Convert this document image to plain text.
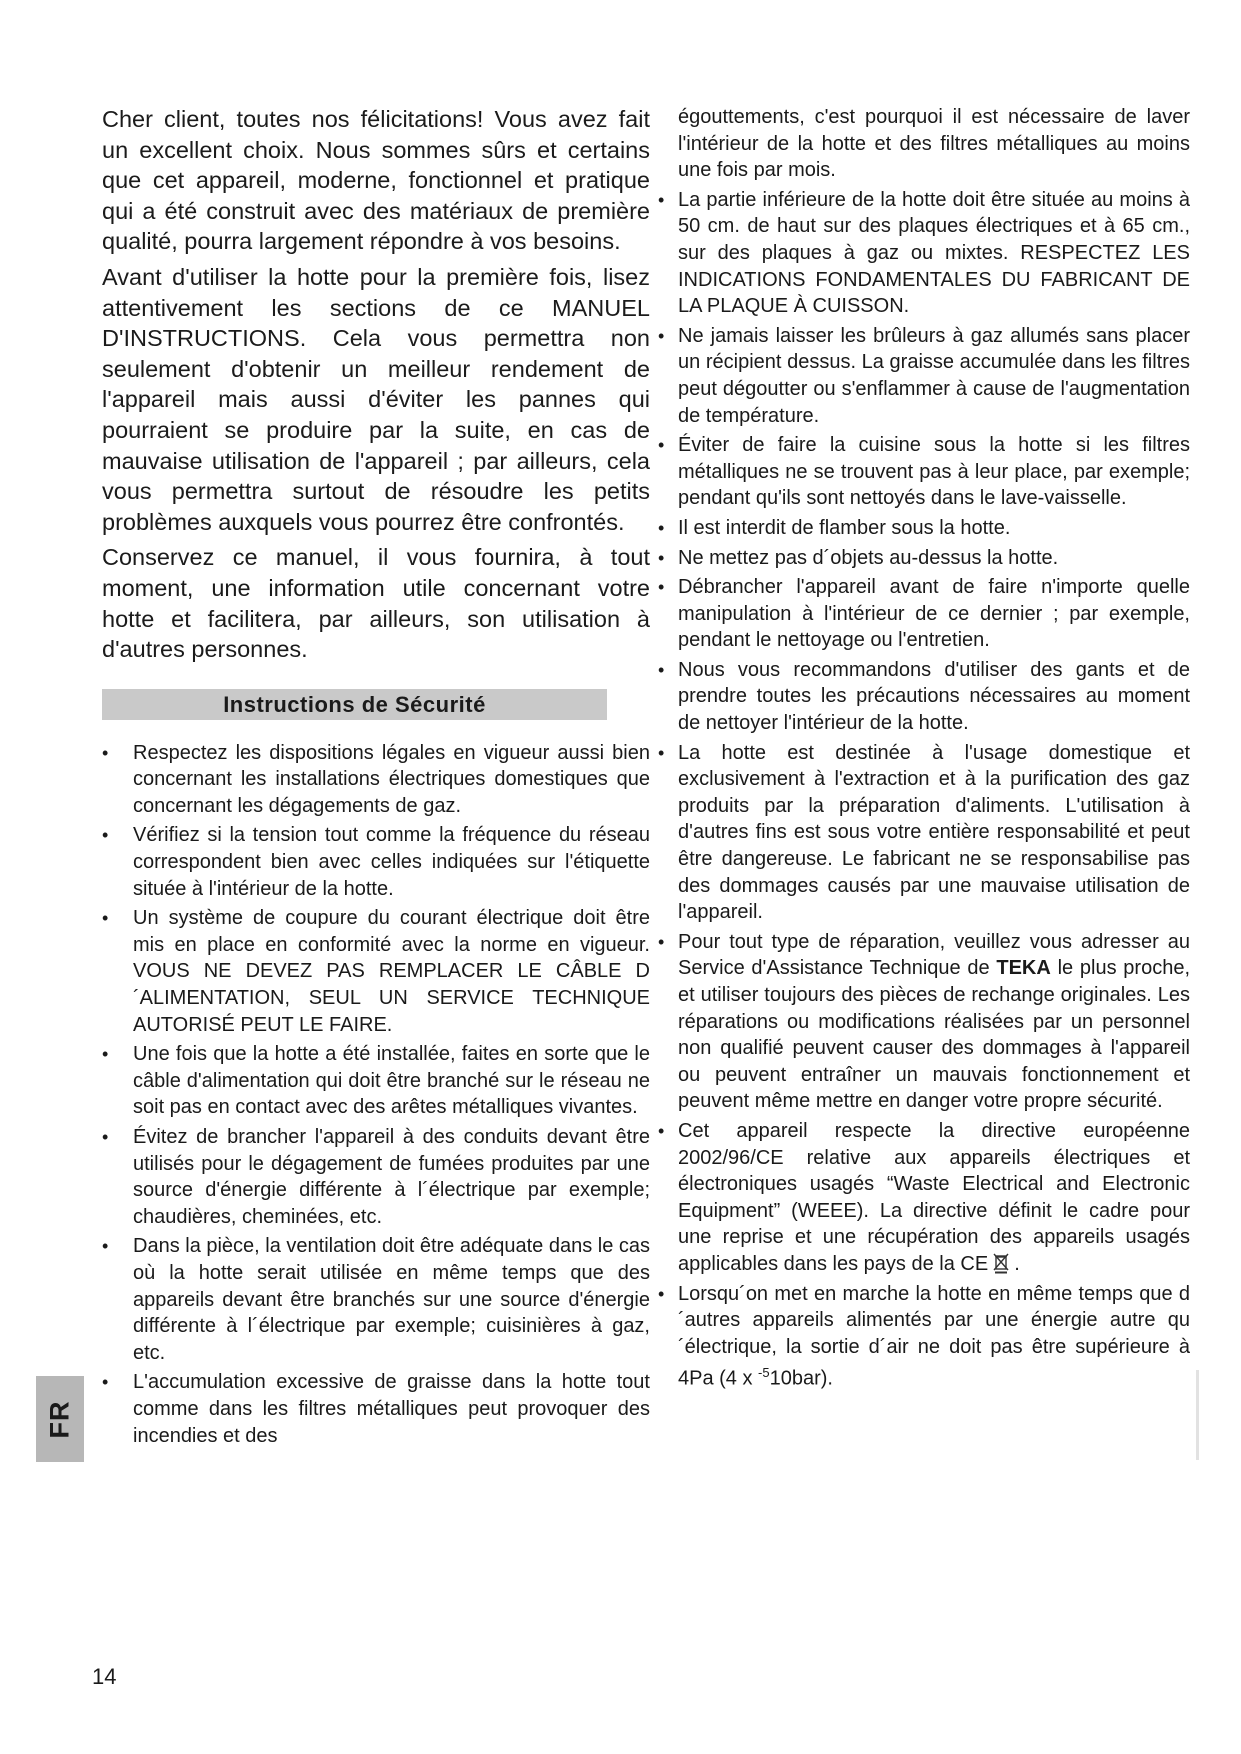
Cher client, toutes nos félicitations! Vous avez fait un excellent choix. Nous sommes sûrs et certains que cet appareil, moderne, fonctionnel et pratique qui a été construit avec des matériaux de première qualité, pourra largement répondre à vos besoins.

Avant d'utiliser la hotte pour la première fois, lisez attentivement les sections de ce MANUEL D'INSTRUCTIONS. Cela vous permettra non seulement d'obtenir un meilleur rendement de l'appareil mais aussi d'éviter les pannes qui pourraient se produire par la suite, en cas de mauvaise utilisation de l'appareil ; par ailleurs, cela vous permettra surtout de résoudre les petits problèmes auxquels vous pourrez être confrontés.

Conservez ce manuel, il vous fournira, à tout moment, une information utile concernant votre hotte et facilitera, par ailleurs, son utilisation à d'autres personnes.

Instructions de Sécurité
• Respectez les dispositions légales en vigueur aussi bien concernant les installations électriques domestiques que concernant les dégagements de gaz.
• Vérifiez si la tension tout comme la fréquence du réseau correspondent bien avec celles indiquées sur l'étiquette située à l'intérieur de la hotte.
• Un système de coupure du courant électrique doit être mis en place en conformité avec la norme en vigueur. VOUS NE DEVEZ PAS REMPLACER LE CÂBLE D´ALIMENTATION, SEUL UN SERVICE TECHNIQUE AUTORISÉ PEUT LE FAIRE.
• Une fois que la hotte a été installée, faites en sorte que le câble d'alimentation qui doit être branché sur le réseau ne soit pas en contact avec des arêtes métalliques vivantes.
• Évitez de brancher l'appareil à des conduits devant être utilisés pour le dégagement de fumées produites par une source d'énergie différente à l´électrique par exemple; chaudières, cheminées, etc.
• Dans la pièce, la ventilation doit être adéquate dans le cas où la hotte serait utilisée en même temps que des appareils devant être branchés sur une source d'énergie différente à l´électrique par exemple; cuisinières à gaz, etc.
• L'accumulation excessive de graisse dans la hotte tout comme dans les filtres métalliques peut provoquer des incendies et des
égouttements, c'est pourquoi il est nécessaire de laver l'intérieur de la hotte et des filtres métalliques au moins une fois par mois.
• La partie inférieure de la hotte doit être située au moins à 50 cm. de haut sur des plaques électriques et à 65 cm., sur des plaques à gaz ou mixtes. RESPECTEZ LES INDICATIONS FONDAMENTALES DU FABRICANT DE LA PLAQUE À CUISSON.
• Ne jamais laisser les brûleurs à gaz allumés sans placer un récipient dessus. La graisse accumulée dans les filtres peut dégoutter ou s'enflammer à cause de l'augmentation de température.
• Éviter de faire la cuisine sous la hotte si les filtres métalliques ne se trouvent pas à leur place, par exemple; pendant qu'ils sont nettoyés dans le lave-vaisselle.
• Il est interdit de flamber sous la hotte.
• Ne mettez pas d´objets au-dessus la hotte.
• Débrancher l'appareil avant de faire n'importe quelle manipulation à l'intérieur de ce dernier ; par exemple, pendant le nettoyage ou l'entretien.
• Nous vous recommandons d'utiliser des gants et de prendre toutes les précautions nécessaires au moment de nettoyer l'intérieur de la hotte.
• La hotte est destinée à l'usage domestique et exclusivement à l'extraction et à la purification des gaz produits par la préparation d'aliments. L'utilisation à d'autres fins est sous votre entière responsabilité et peut être dangereuse. Le fabricant ne se responsabilise pas des dommages causés par une mauvaise utilisation de l'appareil.
• Pour tout type de réparation, veuillez vous adresser au Service d'Assistance Technique de TEKA le plus proche, et utiliser toujours des pièces de rechange originales. Les réparations ou modifications réalisées par un personnel non qualifié peuvent causer des dommages à l'appareil ou peuvent entraîner un mauvais fonctionnement et peuvent même mettre en danger votre propre sécurité.
• Cet appareil respecte la directive européenne 2002/96/CE relative aux appareils électriques et électroniques usagés “Waste Electrical and Electronic Equipment” (WEEE). La directive définit le cadre pour une reprise et une récupération des appareils usagés applicables dans les pays de la CE .
• Lorsqu´on met en marche la hotte en même temps que d´autres appareils alimentés par une énergie autre qu´électrique, la sortie d´air ne doit pas être supérieure à 4Pa (4 x $^{-5}$10bar).
FR
14
